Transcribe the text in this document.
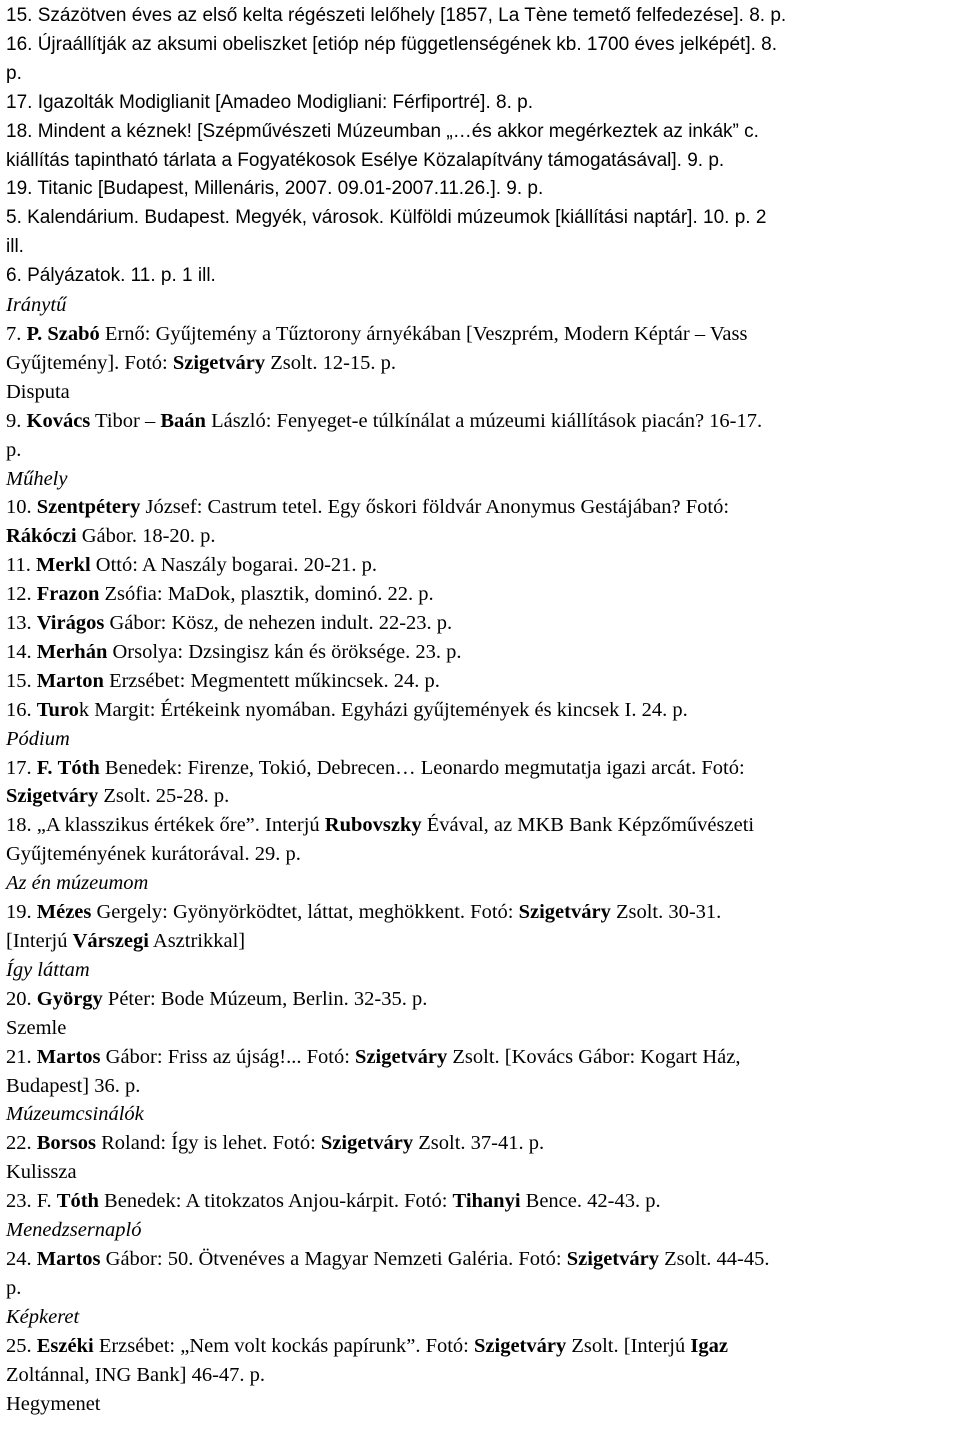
15. Százötven éves az első kelta régészeti lelőhely [1857, La Tène temető felfedezése]. 8. p.
16. Újraállítják az aksumi obeliszket [etióp nép függetlenségének kb. 1700 éves jelképét]. 8.
p.
17. Igazolták Modiglianit [Amadeo Modigliani: Férfiportré]. 8. p.
18. Mindent a kéznek! [Szépművészeti Múzeumban „…és akkor megérkeztek az inkák” c.
kiállítás tapintható tárlata a Fogyatékosok Esélye Közalapítvány támogatásával]. 9. p.
19. Titanic [Budapest, Millenáris, 2007. 09.01-2007.11.26.]. 9. p.
5. Kalendárium. Budapest. Megyék, városok. Külföldi múzeumok [kiállítási naptár]. 10. p. 2
ill.
6. Pályázatok. 11. p. 1 ill.
Iránytű
7. P. Szabó Ernő: Gyűjtemény a Tűztorony árnyékában [Veszprém, Modern Képtár – Vass
Gyűjtemény]. Fotó: Szigetváry Zsolt. 12-15. p.
Disputa
9. Kovács Tibor – Baán László: Fenyeget-e túlkínálat a múzeumi kiállítások piacán? 16-17.
p.
Műhely
10. Szentpétery József: Castrum tetel. Egy őskori földvár Anonymus Gestájában? Fotó:
Rákóczi Gábor. 18-20. p.
11. Merkl Ottó: A Naszály bogarai. 20-21. p.
12. Frazon Zsófia: MaDok, plasztik, dominó. 22. p.
13. Virágos Gábor: Kösz, de nehezen indult. 22-23. p.
14. Merhán Orsolya: Dzsingisz kán és öröksége. 23. p.
15. Marton Erzsébet: Megmentett műkincsek. 24. p.
16. Turok Margit: Értékeink nyomában. Egyházi gyűjtemények és kincsek I. 24. p.
Pódium
17. F. Tóth Benedek: Firenze, Tokió, Debrecen… Leonardo megmutatja igazi arcát. Fotó:
Szigetváry Zsolt. 25-28. p.
18. „A klasszikus értékek őre”. Interjú Rubovszky Évával, az MKB Bank Képzőművészeti
Gyűjteményének kurátorával. 29. p.
Az én múzeumom
19. Mézes Gergely: Gyönyörködtet, láttat, meghökkent. Fotó: Szigetváry Zsolt. 30-31.
[Interjú Várszegi Asztrikkal]
Így láttam
20. György Péter: Bode Múzeum, Berlin. 32-35. p.
Szemle
21. Martos Gábor: Friss az újság!... Fotó: Szigetváry Zsolt. [Kovács Gábor: Kogart Ház,
Budapest] 36. p.
Múzeumcsinálók
22. Borsos Roland: Így is lehet. Fotó: Szigetváry Zsolt. 37-41. p.
Kulissza
23. F. Tóth Benedek: A titokzatos Anjou-kárpit. Fotó: Tihanyi Bence. 42-43. p.
Menedzsernapló
24. Martos Gábor: 50. Ötvenéves a Magyar Nemzeti Galéria. Fotó: Szigetváry Zsolt. 44-45.
p.
Képkeret
25. Eszéki Erzsébet: „Nem volt kockás papírunk”. Fotó: Szigetváry Zsolt. [Interjú Igaz
Zoltánnal, ING Bank] 46-47. p.
Hegymenet
